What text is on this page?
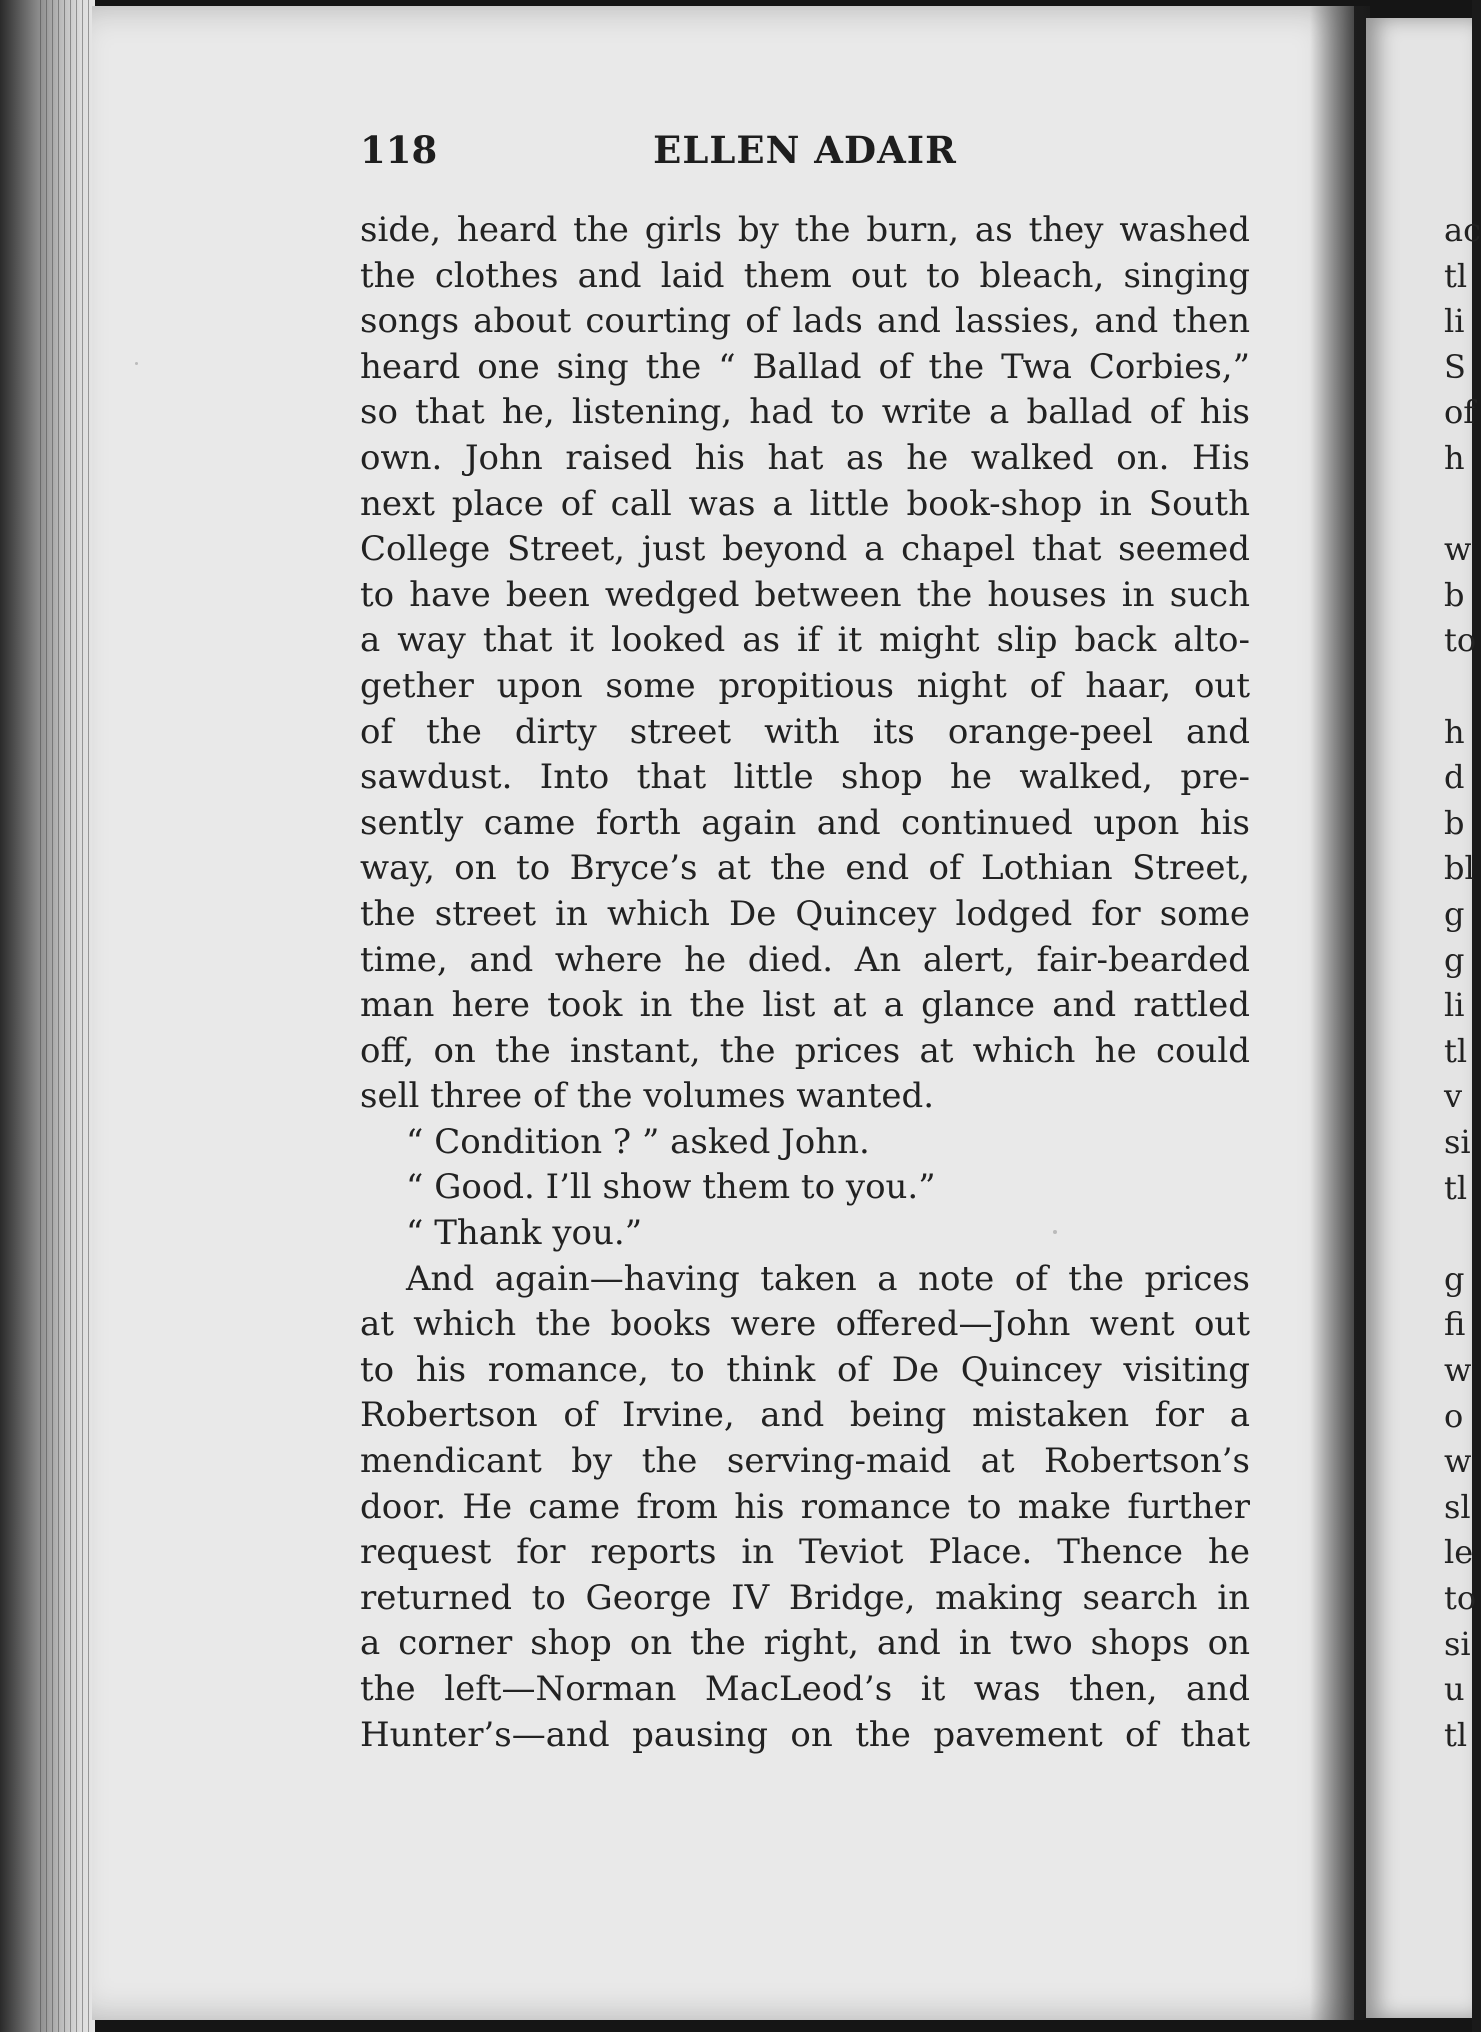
ac
tl
li
S
of
h
w
b
to
h
d
b
bl
g
g
li
tl
v
si
tl
g
fi
w
o
w
sl
le
to
si
u
tl
118	ELLEN ADAIR
side, heard the girls by the burn, as they washed
the clothes and laid them out to bleach, singing
songs about courting of lads and lassies, and then
heard one sing the “ Ballad of the Twa Corbies,”
so that he, listening, had to write a ballad of his
own. John raised his hat as he walked on. His
next place of call was a little book-shop in South
College Street, just beyond a chapel that seemed
to have been wedged between the houses in such
a way that it looked as if it might slip back alto-
gether upon some propitious night of haar, out
of the dirty street with its orange-peel and
sawdust. Into that little shop he walked, pre-
sently came forth again and continued upon his
way, on to Bryce’s at the end of Lothian Street,
the street in which De Quincey lodged for some
time, and where he died. An alert, fair-bearded
man here took in the list at a glance and rattled
off, on the instant, the prices at which he could
sell three of the volumes wanted.
“ Condition ? ” asked John.
“ Good. I’ll show them to you.”
“ Thank you.”
And again—having taken a note of the prices
at which the books were offered—John went out
to his romance, to think of De Quincey visiting
Robertson of Irvine, and being mistaken for a
mendicant by the serving-maid at Robertson’s
door. He came from his romance to make further
request for reports in Teviot Place. Thence he
returned to George IV Bridge, making search in
a corner shop on the right, and in two shops on
the left—Norman MacLeod’s it was then, and
Hunter’s—and pausing on the pavement of that
